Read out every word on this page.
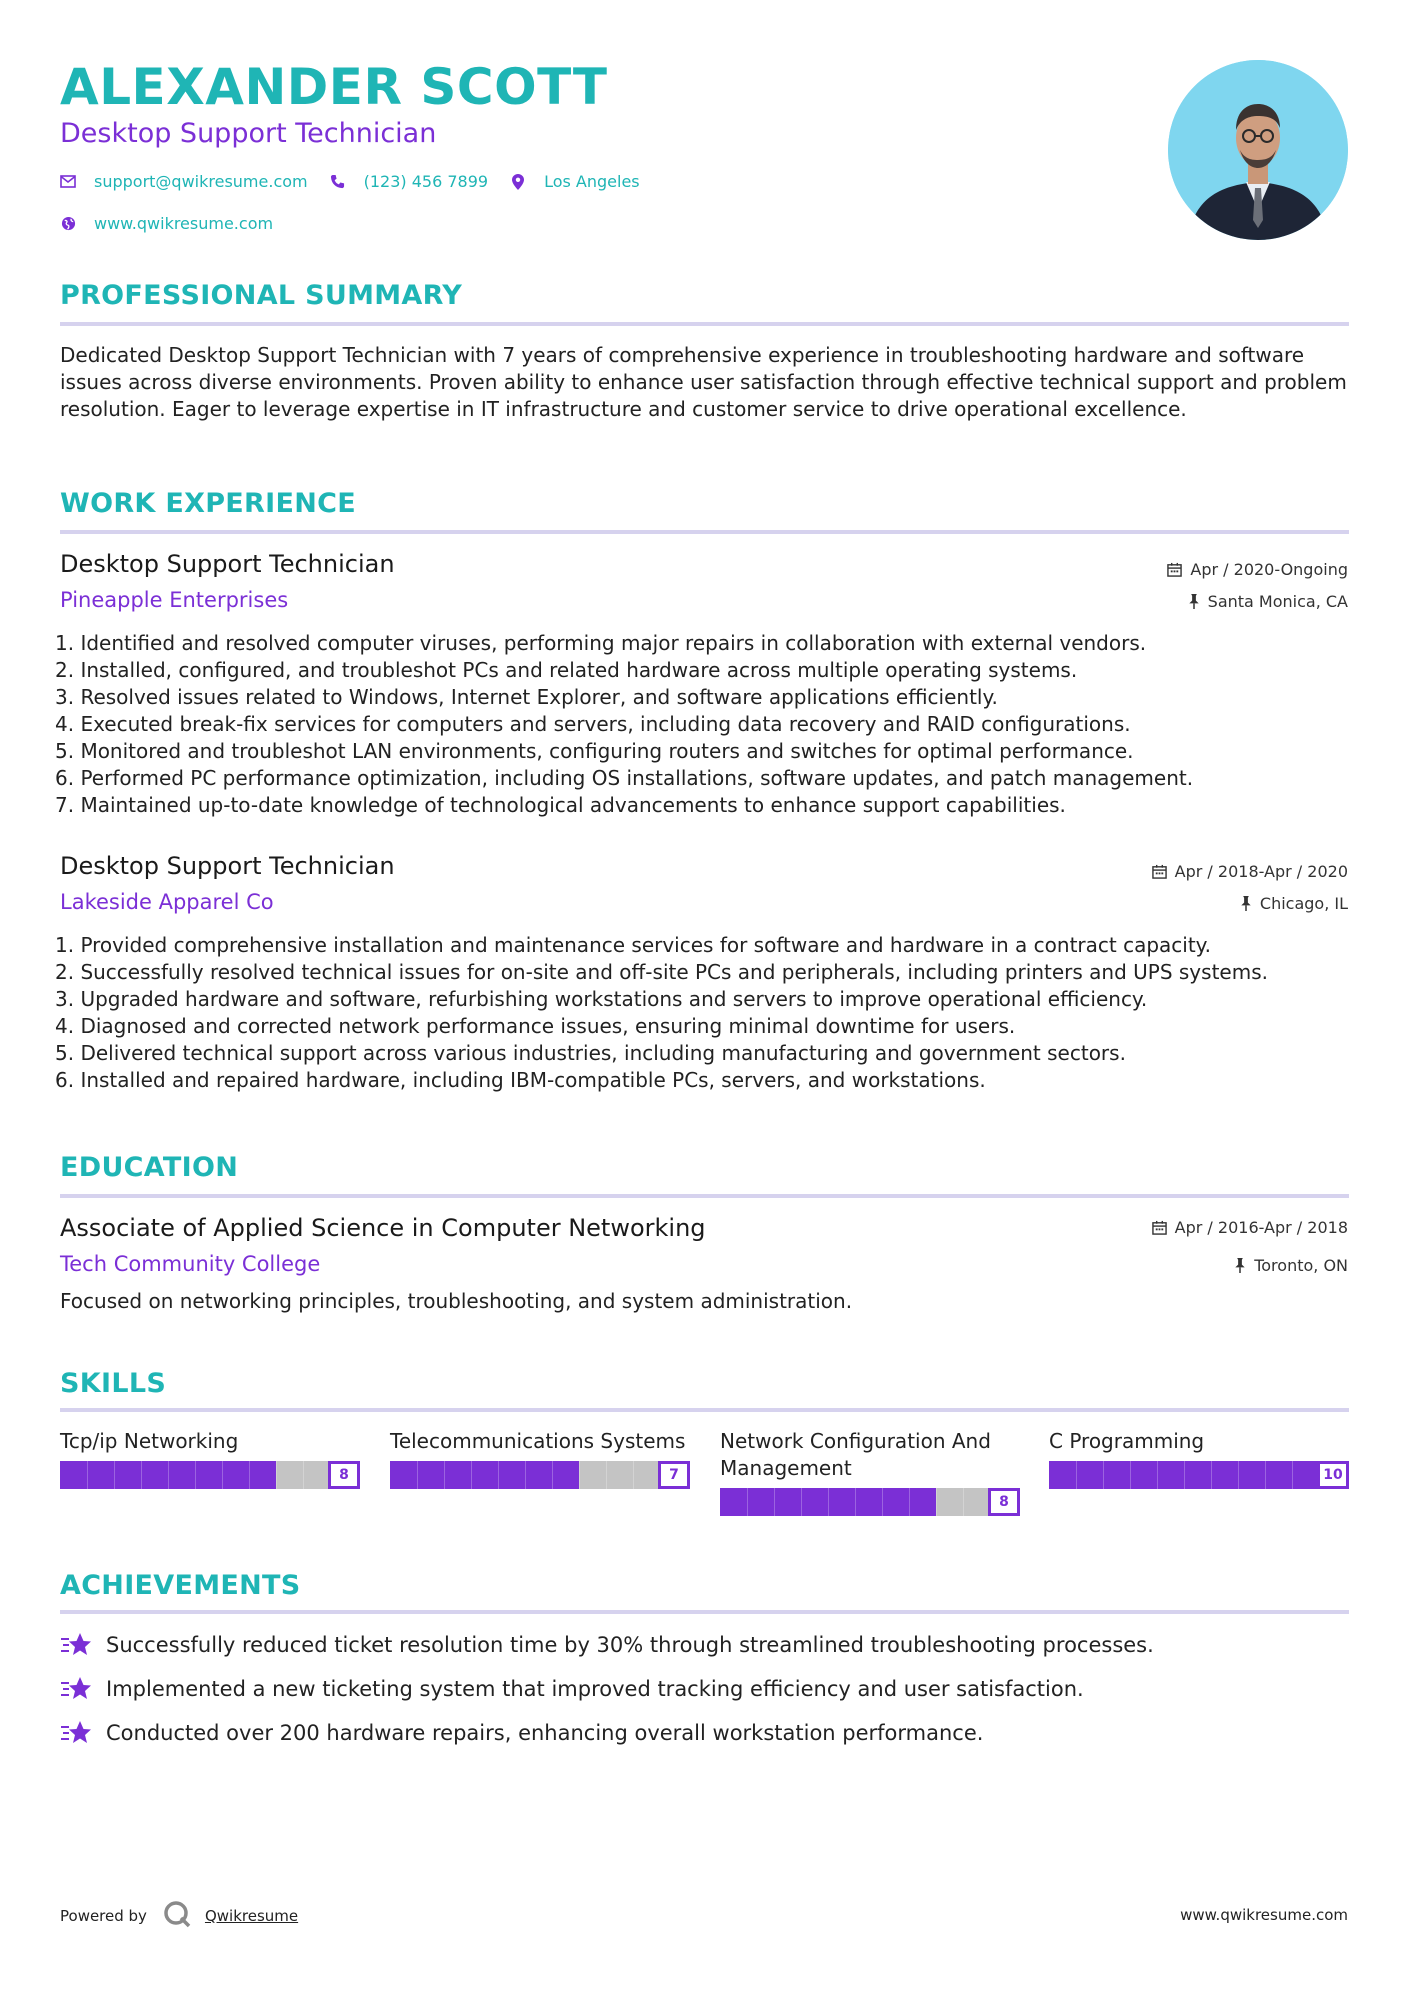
ALEXANDER SCOTT
Desktop Support Technician
support@qwikresume.com	(123) 456 7899	Los Angeles
www.qwikresume.com
PROFESSIONAL SUMMARY
Dedicated Desktop Support Technician with 7 years of comprehensive experience in troubleshooting hardware and software issues across diverse environments. Proven ability to enhance user satisfaction through effective technical support and problem resolution. Eager to leverage expertise in IT infrastructure and customer service to drive operational excellence.
WORK EXPERIENCE
Desktop Support Technician	Apr / 2020-Ongoing
Pineapple Enterprises	Santa Monica, CA
1. Identified and resolved computer viruses, performing major repairs in collaboration with external vendors.
2. Installed, configured, and troubleshot PCs and related hardware across multiple operating systems.
3. Resolved issues related to Windows, Internet Explorer, and software applications efficiently.
4. Executed break-fix services for computers and servers, including data recovery and RAID configurations.
5. Monitored and troubleshot LAN environments, configuring routers and switches for optimal performance.
6. Performed PC performance optimization, including OS installations, software updates, and patch management.
7. Maintained up-to-date knowledge of technological advancements to enhance support capabilities.
Desktop Support Technician	Apr / 2018-Apr / 2020
Lakeside Apparel Co	Chicago, IL
1. Provided comprehensive installation and maintenance services for software and hardware in a contract capacity.
2. Successfully resolved technical issues for on-site and off-site PCs and peripherals, including printers and UPS systems.
3. Upgraded hardware and software, refurbishing workstations and servers to improve operational efficiency.
4. Diagnosed and corrected network performance issues, ensuring minimal downtime for users.
5. Delivered technical support across various industries, including manufacturing and government sectors.
6. Installed and repaired hardware, including IBM-compatible PCs, servers, and workstations.
EDUCATION
Associate of Applied Science in Computer Networking	Apr / 2016-Apr / 2018
Tech Community College	Toronto, ON
Focused on networking principles, troubleshooting, and system administration.
SKILLS
Tcp/ip Networking
8
Telecommunications Systems
7
Network Configuration And Management
8
C Programming
10
ACHIEVEMENTS
Successfully reduced ticket resolution time by 30% through streamlined troubleshooting processes.
Implemented a new ticketing system that improved tracking efficiency and user satisfaction.
Conducted over 200 hardware repairs, enhancing overall workstation performance.
Powered by	Qwikresume	www.qwikresume.com
